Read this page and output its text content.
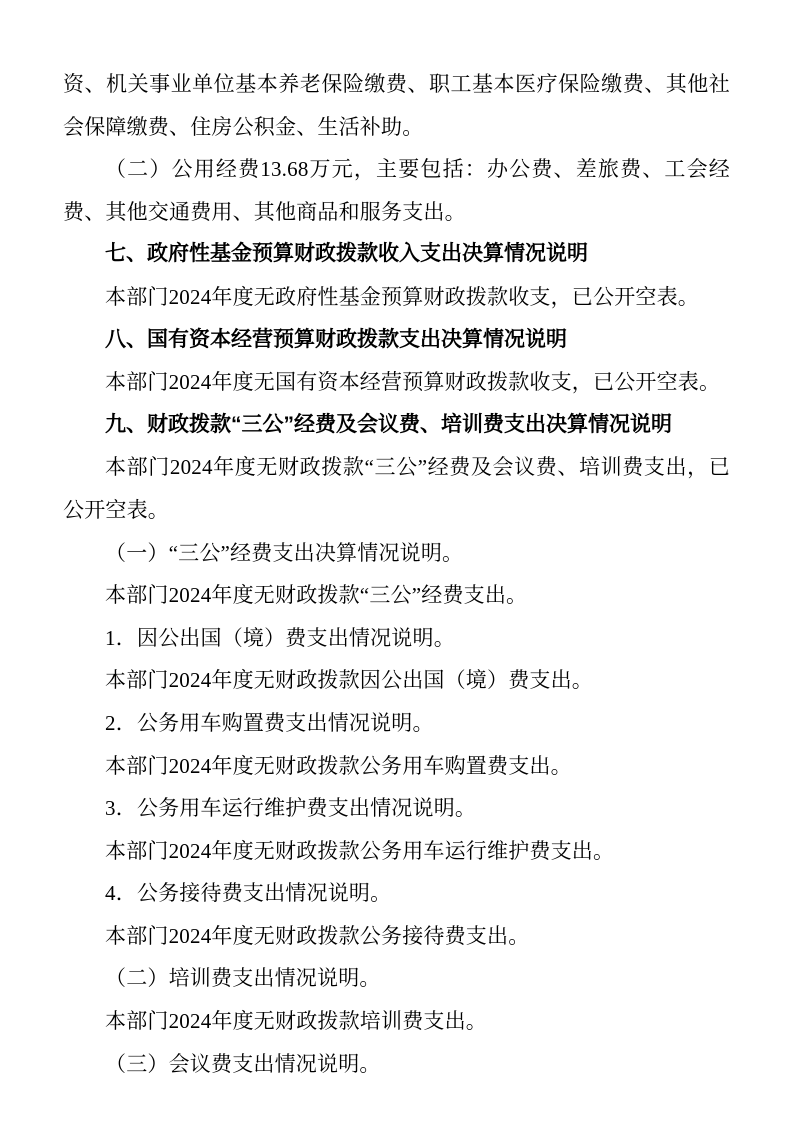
资、机关事业单位基本养老保险缴费、职工基本医疗保险缴费、其他社会保障缴费、住房公积金、生活补助。

（二）公用经费13.68万元，主要包括：办公费、差旅费、工会经费、其他交通费用、其他商品和服务支出。

七、政府性基金预算财政拨款收入支出决算情况说明

本部门2024年度无政府性基金预算财政拨款收支，已公开空表。

八、国有资本经营预算财政拨款支出决算情况说明

本部门2024年度无国有资本经营预算财政拨款收支，已公开空表。

九、财政拨款“三公”经费及会议费、培训费支出决算情况说明

本部门2024年度无财政拨款“三公”经费及会议费、培训费支出，已公开空表。

（一）“三公”经费支出决算情况说明。

本部门2024年度无财政拨款“三公”经费支出。

1．因公出国（境）费支出情况说明。

本部门2024年度无财政拨款因公出国（境）费支出。

2．公务用车购置费支出情况说明。

本部门2024年度无财政拨款公务用车购置费支出。

3．公务用车运行维护费支出情况说明。

本部门2024年度无财政拨款公务用车运行维护费支出。

4．公务接待费支出情况说明。

本部门2024年度无财政拨款公务接待费支出。

（二）培训费支出情况说明。

本部门2024年度无财政拨款培训费支出。

（三）会议费支出情况说明。
